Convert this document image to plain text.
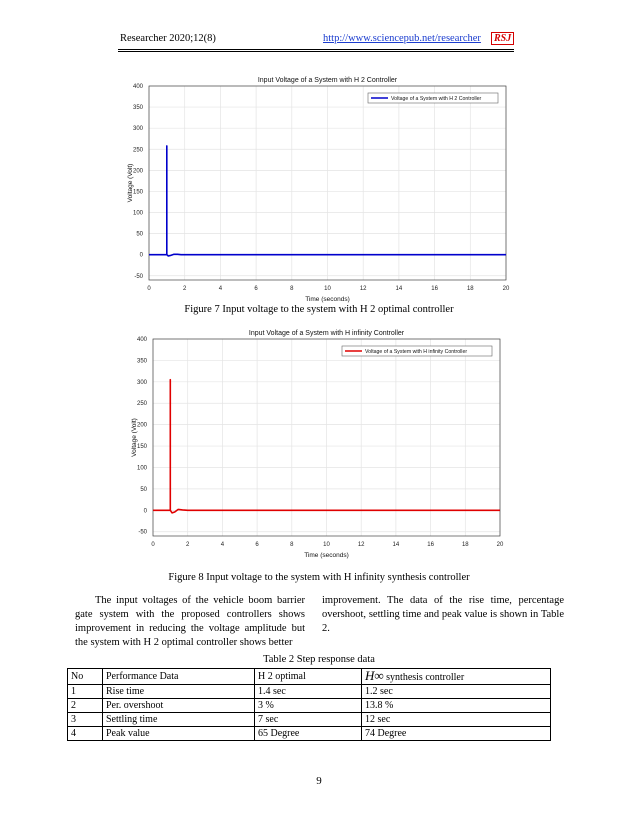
Researcher 2020;12(8)	http://www.sciencepub.net/researcher	RSJ
0	2	4	6	8	10	12	14	16	18	20
-50
0
50
100
150
200
250
300
350
400
Input Voltage of a System with H 2 Controller
Time (seconds)
Voltage (Volt)
Voltage of a System with H 2 Controller
Figure 7 Input voltage to the system with H 2 optimal controller
0	2	4	6	8	10	12	14	16	18	20
-50
0
50
100
150
200
250
300
350
400
Input Voltage of a System with H infinity Controller
Time (seconds)
Voltage (Volt)
Voltage of a System with H infinity Controller
Figure 8 Input voltage to the system with H infinity synthesis controller
The input voltages of the vehicle boom barrier gate system with the proposed controllers shows improvement in reducing the voltage amplitude but the system with H 2 optimal controller shows better
improvement. The data of the rise time, percentage overshoot, settling time and peak value is shown in Table 2.
Table 2 Step response data
No	Performance Data	H 2 optimal	H∞ synthesis controller
1	Rise time	1.4 sec	1.2 sec
2	Per. overshoot	3 %	13.8 %
3	Settling time	7 sec	12 sec
4	Peak value	65 Degree	74 Degree
9
